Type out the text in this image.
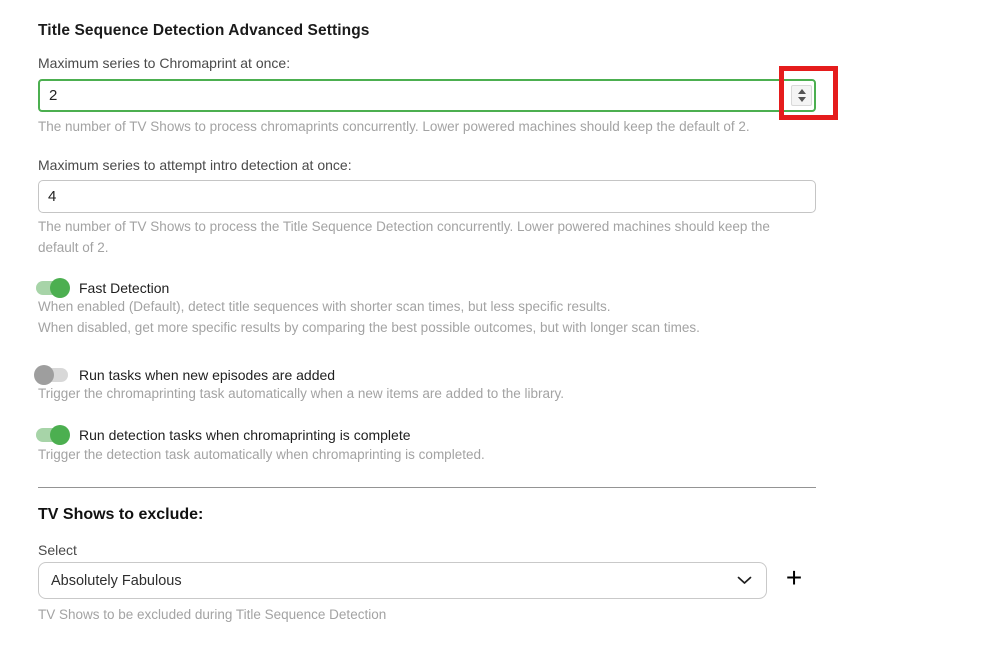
Title Sequence Detection Advanced Settings
Maximum series to Chromaprint at once:
2
The number of TV Shows to process chromaprints concurrently. Lower powered machines should keep the default of 2.
Maximum series to attempt intro detection at once:
4
The number of TV Shows to process the Title Sequence Detection concurrently. Lower powered machines should keep the default of 2.
Fast Detection
When enabled (Default), detect title sequences with shorter scan times, but less specific results.
When disabled, get more specific results by comparing the best possible outcomes, but with longer scan times.
Run tasks when new episodes are added
Trigger the chromaprinting task automatically when a new items are added to the library.
Run detection tasks when chromaprinting is complete
Trigger the detection task automatically when chromaprinting is completed.
TV Shows to exclude:
Select
Absolutely Fabulous	+
TV Shows to be excluded during Title Sequence Detection
